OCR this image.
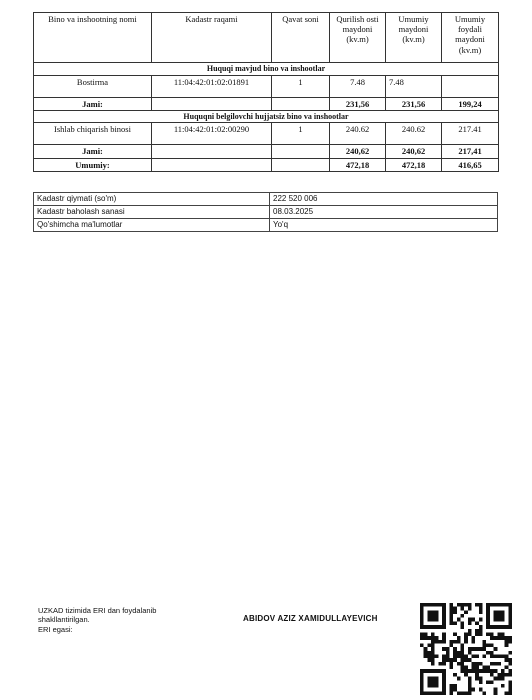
Bino va inshootning nomi	Kadastr raqami	Qavat soni	Qurilish osti maydoni (kv.m)	Umumiy maydoni (kv.m)	Umumiy foydali maydoni (kv.m)
Huquqi mavjud bino va inshootlar					
Bostirma	11:04:42:01:02:01891	1	7.48	7.48	
Jami:			231,56	231,56	199,24
Huquqni belgilovchi hujjatsiz bino va inshootlar					
Ishlab chiqarish binosi	11:04:42:01:02:00290	1	240.62	240.62	217.41
Jami:			240,62	240,62	217,41
Umumiy:			472,18	472,18	416,65
Kadastr qiymati (so'm)	222 520 006
Kadastr baholash sanasi	08.03.2025
Qo'shimcha ma'lumotlar	Yo'q
UZKAD tizimida ERI dan foydalanib shakllantirilgan.
ERI egasi:
ABIDOV AZIZ XAMIDULLAYEVICH
